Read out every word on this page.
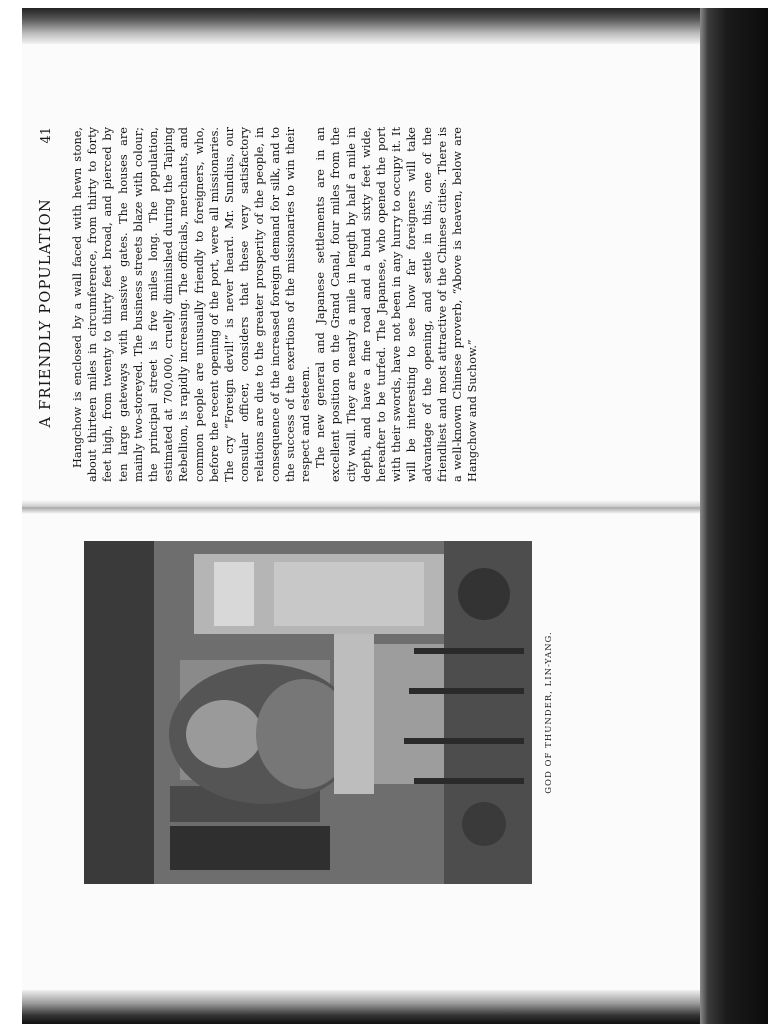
A FRIENDLY POPULATION
41 Hangchow is enclosed by a wall faced with hewn stone, about thirteen miles in circumference, from thirty to forty feet high, from twenty to thirty feet broad, and pierced by ten large gateways with massive gates. The houses are mainly two-storeyed. The business streets blaze with colour; the principal street is five miles long. The population, estimated at 700,000, cruelly diminished during the Taiping Rebellion, is rapidly increasing. The officials, merchants, and common people are unusually friendly to foreigners, who, before the recent opening of the port, were all missionaries. The cry “Foreign devil!” is never heard. Mr. Sundius, our consular officer, considers that these very satisfactory relations are due to the greater prosperity of the people, in consequence of the increased foreign demand for silk, and to the success of the exertions of the missionaries to win their respect and esteem. The new general and Japanese settlements are in an excellent position on the Grand Canal, four miles from the city wall. They are nearly a mile in length by half a mile in depth, and have a fine road and a bund sixty feet wide, hereafter to be turfed. The Japanese, who opened the port with their swords, have not been in any hurry to occupy it. It will be interesting to see how far foreigners will take advantage of the opening, and settle in this, one of the friendliest and most attractive of the Chinese cities. There is a well-known Chinese proverb, “Above is heaven, below are Hangchow and Suchow.”

GOD OF THUNDER, LIN-YANG.
